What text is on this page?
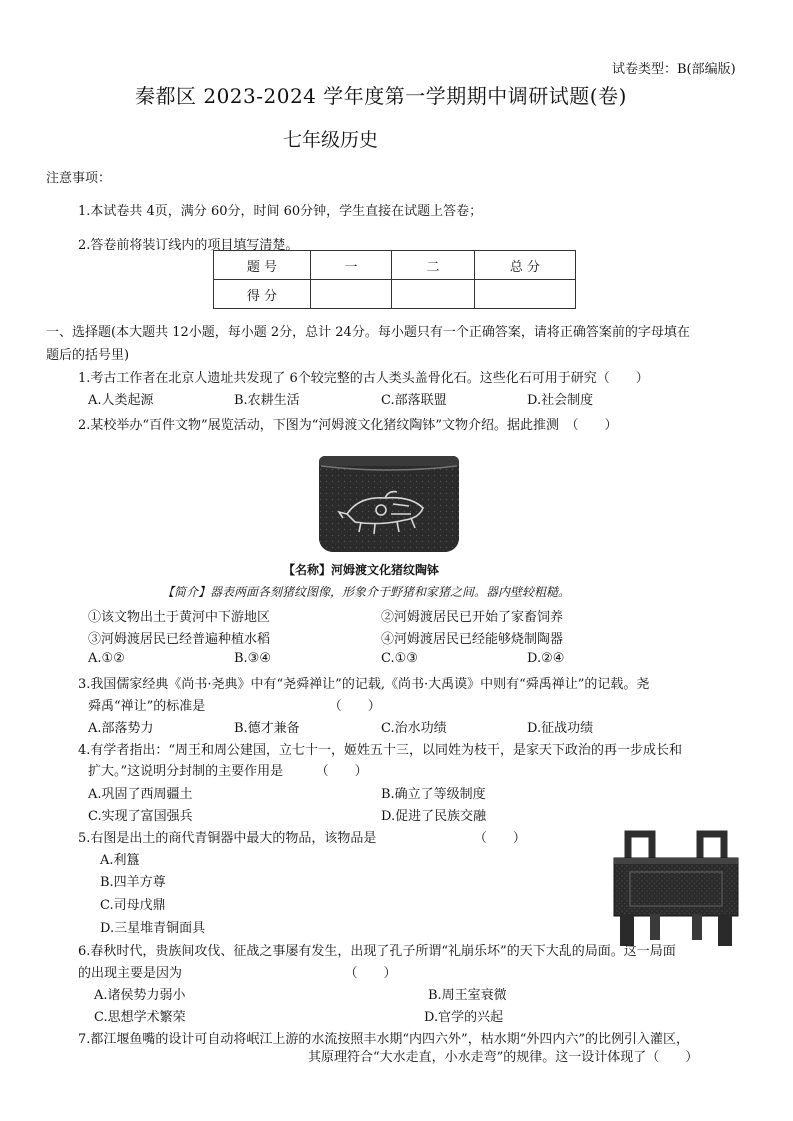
试卷类型：B(部编版)
秦都区 2023-2024 学年度第一学期期中调研试题(卷)
七年级历史
注意事项：
1.本试卷共 4页，满分 60分，时间 60分钟，学生直接在试题上答卷；
2.答卷前将装订线内的项目填写清楚。
题 号	一	二	总 分
得 分			
一、选择题(本大题共 12小题，每小题 2分，总计 24分。每小题只有一个正确答案，请将正确答案前的字母填在
题后的括号里)
1.考古工作者在北京人遗址共发现了 6个较完整的古人类头盖骨化石。这些化石可用于研究（　　）
A.人类起源	B.农耕生活	C.部落联盟	D.社会制度
2.某校举办“百件文物”展览活动，下图为“河姆渡文化猪纹陶钵”文物介绍。据此推测　（　　）
【名称】河姆渡文化猪纹陶钵
【简介】器表两面各刻猪纹图像，形象介于野猪和家猪之间。器内壁较粗糙。
①该文物出土于黄河中下游地区	②河姆渡居民已开始了家畜饲养
③河姆渡居民已经普遍种植水稻	④河姆渡居民已经能够烧制陶器
A.①②	B.③④	C.①③	D.②④
3.我国儒家经典《尚书·尧典》中有“尧舜禅让”的记载,《尚书·大禹谟》中则有“舜禹禅让”的记载。尧
舜禹“禅让”的标准是　　　　　　　　　　（　　）
A.部落势力	B.德才兼备	C.治水功绩	D.征战功绩
4.有学者指出：“周王和周公建国，立七十一，姬姓五十三，以同姓为枝干，是家天下政治的再一步成长和
扩大。”这说明分封制的主要作用是　　　（　　）
A.巩固了西周疆土	B.确立了等级制度
C.实现了富国强兵	D.促进了民族交融
5.右图是出土的商代青铜器中最大的物品，该物品是　　　　　　　　（　　）
A.利簋
B.四羊方尊
C.司母戊鼎
D.三星堆青铜面具
6.春秋时代，贵族间攻伐、征战之事屡有发生，出现了孔子所谓“礼崩乐坏”的天下大乱的局面。这一局面
的出现主要是因为　　　　　　　　　　　　　（　　）
A.诸侯势力弱小	B.周王室衰微
C.思想学术繁荣	D.官学的兴起
7.都江堰鱼嘴的设计可自动将岷江上游的水流按照丰水期“内四六外”，枯水期“外四内六”的比例引入灌区，
其原理符合“大水走直，小水走弯”的规律。这一设计体现了（　　）
